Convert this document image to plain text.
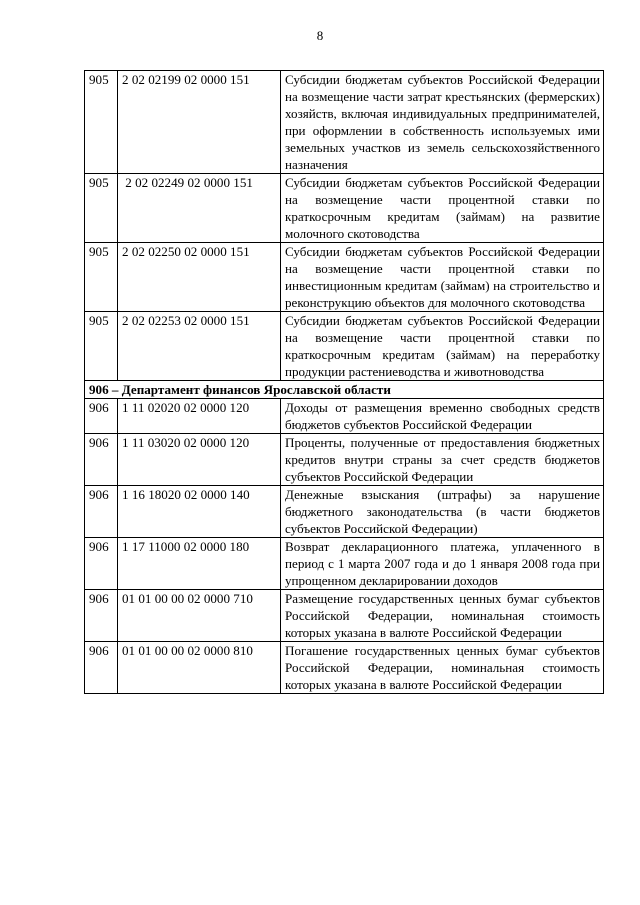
8
905	2 02 02199 02 0000 151	Субсидии бюджетам субъектов Российской Федерации на возмещение части затрат крестьянских (фермерских) хозяйств, включая индивидуальных предпринимателей, при оформлении в собственность используемых ими земельных участков из земель сельскохозяйственного назначения
905	2 02 02249 02 0000 151	Субсидии бюджетам субъектов Российской Федерации на возмещение части процентной ставки по краткосрочным кредитам (займам) на развитие молочного скотоводства
905	2 02 02250 02 0000 151	Субсидии бюджетам субъектов Российской Федерации на возмещение части процентной ставки по инвестиционным кредитам (займам) на строительство и реконструкцию объектов для молочного скотоводства
905	2 02 02253 02 0000 151	Субсидии бюджетам субъектов Российской Федерации на возмещение части процентной ставки по краткосрочным кредитам (займам) на переработку продукции растениеводства и животноводства
906 – Департамент финансов Ярославской области		
906	1 11 02020 02 0000 120	Доходы от размещения временно свободных средств бюджетов субъектов Российской Федерации
906	1 11 03020 02 0000 120	Проценты, полученные от предоставления бюджетных кредитов внутри страны за счет средств бюджетов субъектов Российской Федерации
906	1 16 18020 02 0000 140	Денежные взыскания (штрафы) за нарушение бюджетного законодательства (в части бюджетов субъектов Российской Федерации)
906	1 17 11000 02 0000 180	Возврат декларационного платежа, уплаченного в период с 1 марта 2007 года и до 1 января 2008 года при упрощенном декларировании доходов
906	01 01 00 00 02 0000 710	Размещение государственных ценных бумаг субъектов Российской Федерации, номинальная стоимость которых указана в валюте Российской Федерации
906	01 01 00 00 02 0000 810	Погашение государственных ценных бумаг субъектов Российской Федерации, номинальная стоимость которых указана в валюте Российской Федерации
